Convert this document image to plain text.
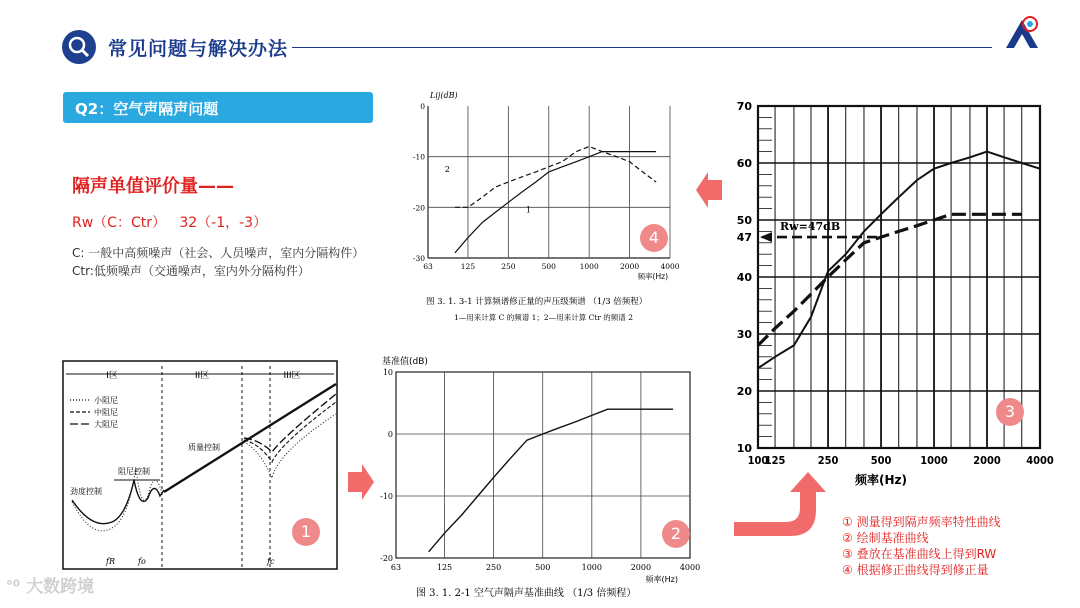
常见问题与解决办法
Q2：空气声隔声问题
隔声单值评价量——
Rw（C：Ctr）   32（-1，-3）
C: 一般中高频噪声（社会、人员噪声，室内分隔构件）
Ctr:低频噪声（交通噪声，室内外分隔构件）	63	125	250	500	1000	2000	4000
0
-10
-20
-30
2
1
Lij(dB)
频率(Hz)
图 3. 1. 3-1 计算频谱修正量的声压级频谱 （1/3 倍频程）
1—用来计算 C 的频谱 1；2—用来计算 Ctr 的频谱 2
4
100
125	250	500	1000 2000 4000
10
20
30
40
47
50
60
70
Rw=47dB
频率(Hz)
3
I区	II区	III区
小阻尼
中阻尼
大阻尼
阻尼控制
劲度控制
质量控制
fR	fo	fc
1
63	125	250	500	1000	2000	4000
10
0
-10
-20
基准值(dB)
频率(Hz)
图 3. 1. 2-1 空气声隔声基准曲线 （1/3 倍频程）
2
① 测量得到隔声频率特性曲线
② 绘制基准曲线
③ 叠放在基准曲线上得到RW
④ 根据修正曲线得到修正量
ᐤ⁰ 大数跨境
